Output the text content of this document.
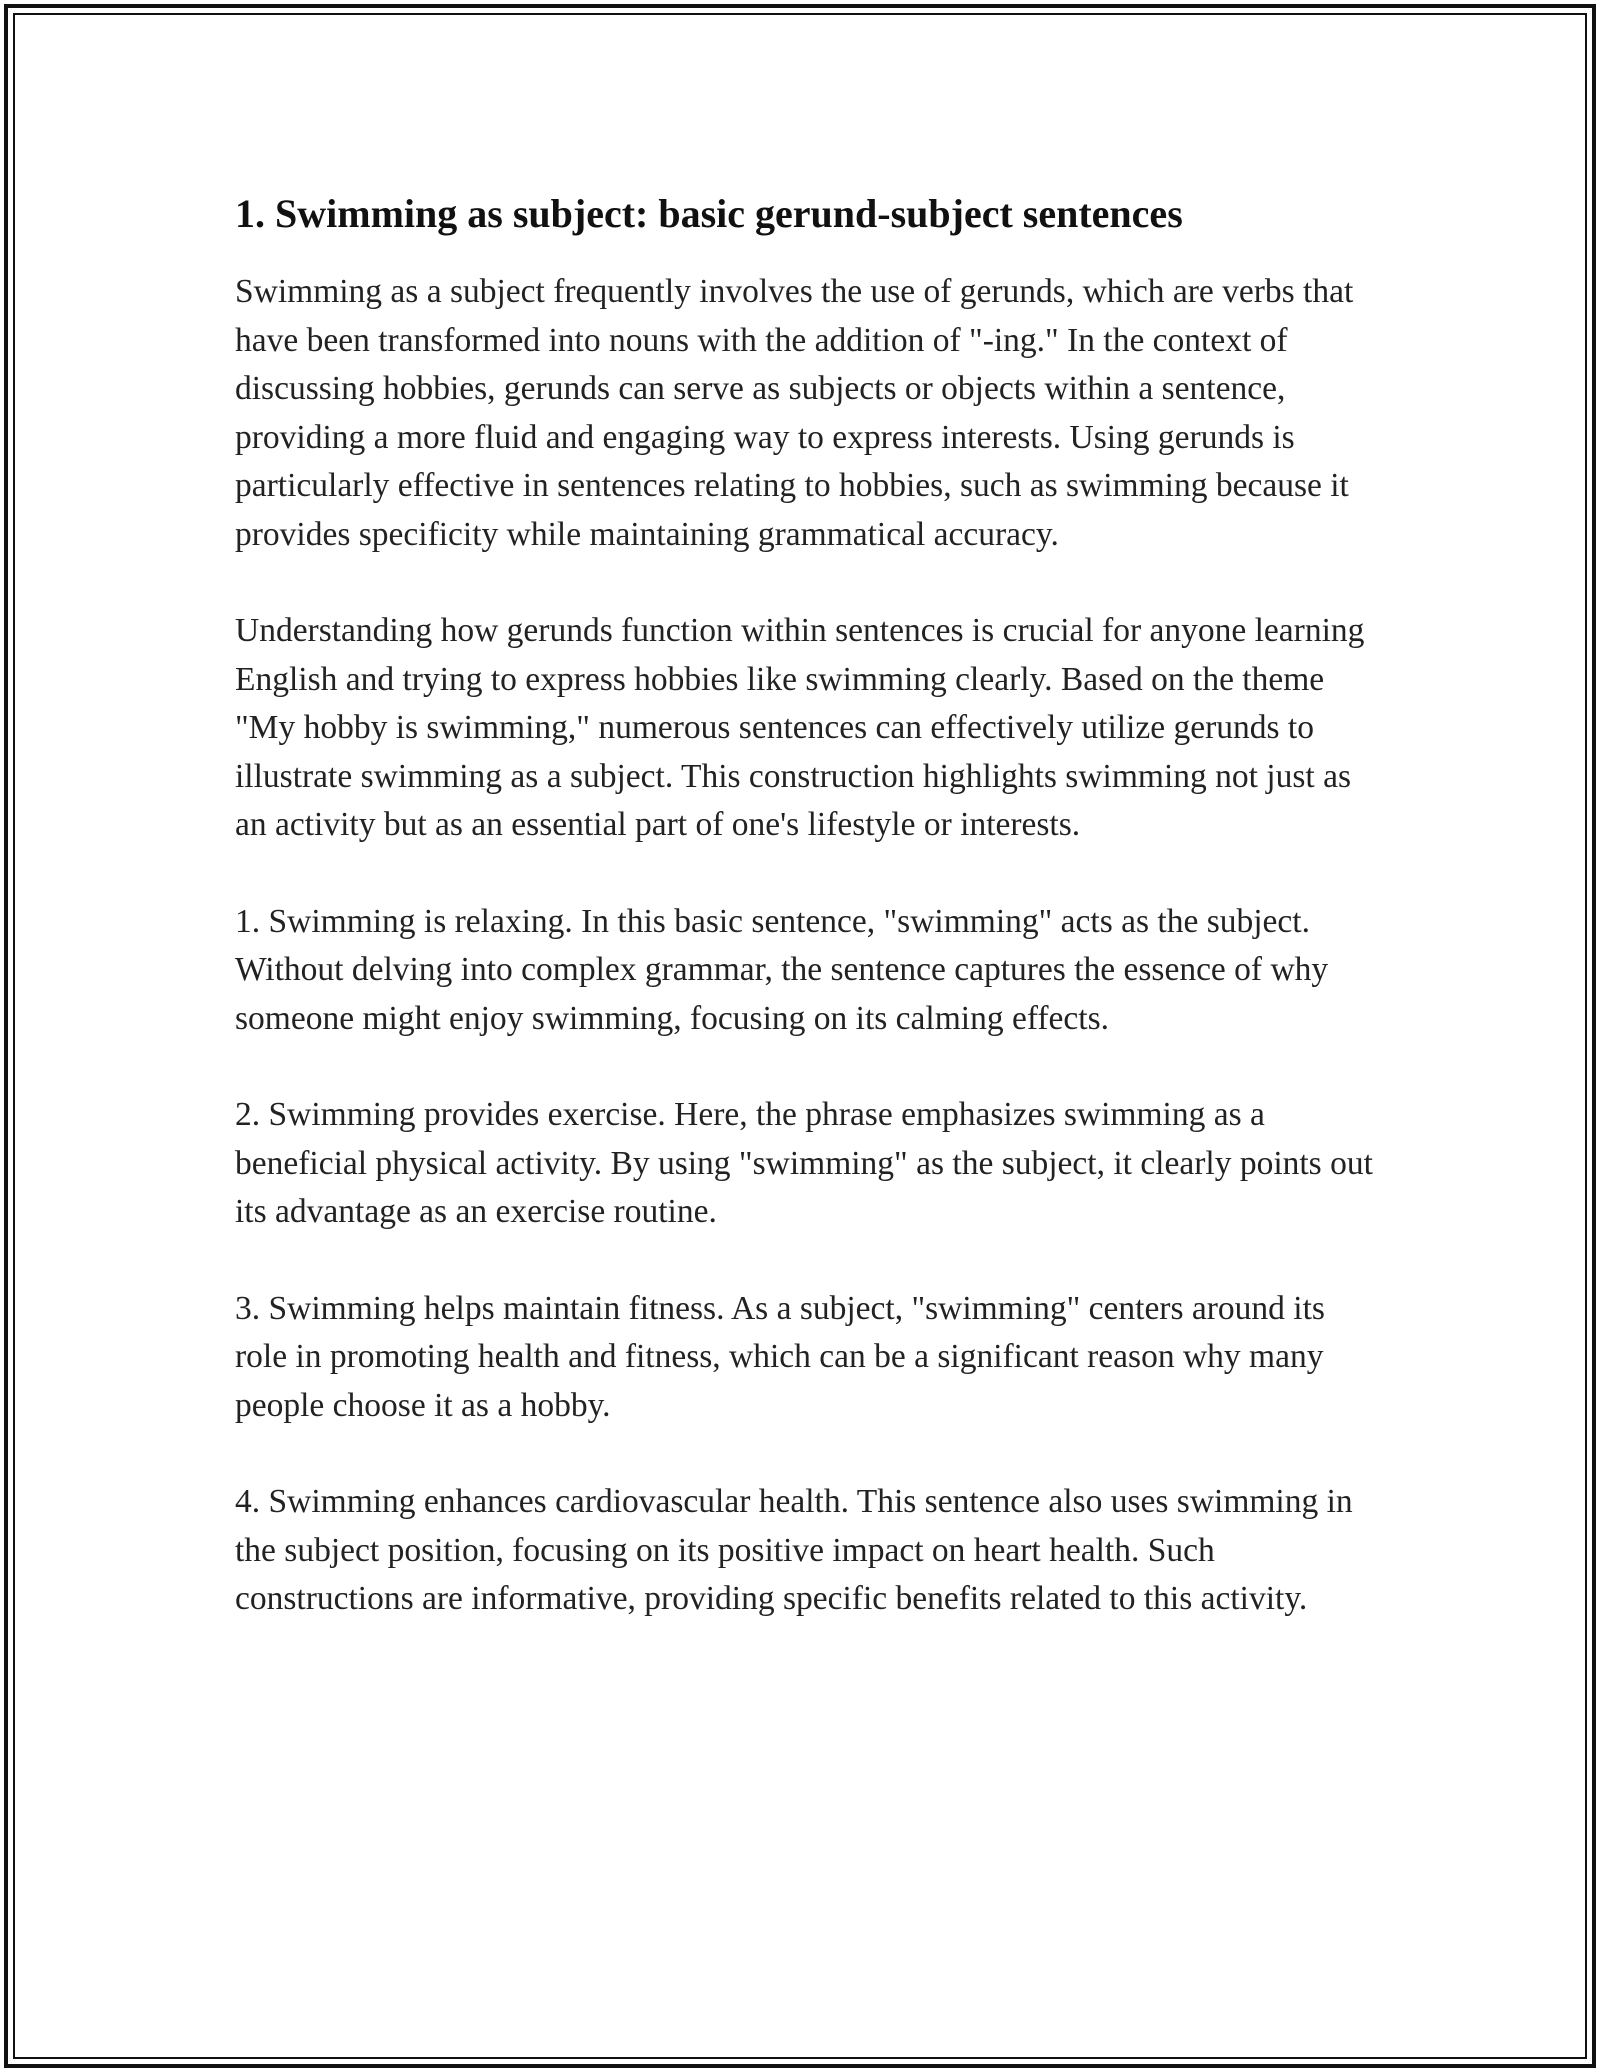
1. Swimming as subject: basic gerund-subject sentences

Swimming as a subject frequently involves the use of gerunds, which are verbs that have been transformed into nouns with the addition of "-ing." In the context of discussing hobbies, gerunds can serve as subjects or objects within a sentence, providing a more fluid and engaging way to express interests. Using gerunds is particularly effective in sentences relating to hobbies, such as swimming because it provides specificity while maintaining grammatical accuracy.

Understanding how gerunds function within sentences is crucial for anyone learning English and trying to express hobbies like swimming clearly. Based on the theme "My hobby is swimming," numerous sentences can effectively utilize gerunds to illustrate swimming as a subject. This construction highlights swimming not just as an activity but as an essential part of one's lifestyle or interests.

1. Swimming is relaxing. In this basic sentence, "swimming" acts as the subject. Without delving into complex grammar, the sentence captures the essence of why someone might enjoy swimming, focusing on its calming effects.

2. Swimming provides exercise. Here, the phrase emphasizes swimming as a beneficial physical activity. By using "swimming" as the subject, it clearly points out its advantage as an exercise routine.

3. Swimming helps maintain fitness. As a subject, "swimming" centers around its role in promoting health and fitness, which can be a significant reason why many people choose it as a hobby.

4. Swimming enhances cardiovascular health. This sentence also uses swimming in the subject position, focusing on its positive impact on heart health. Such constructions are informative, providing specific benefits related to this activity.
